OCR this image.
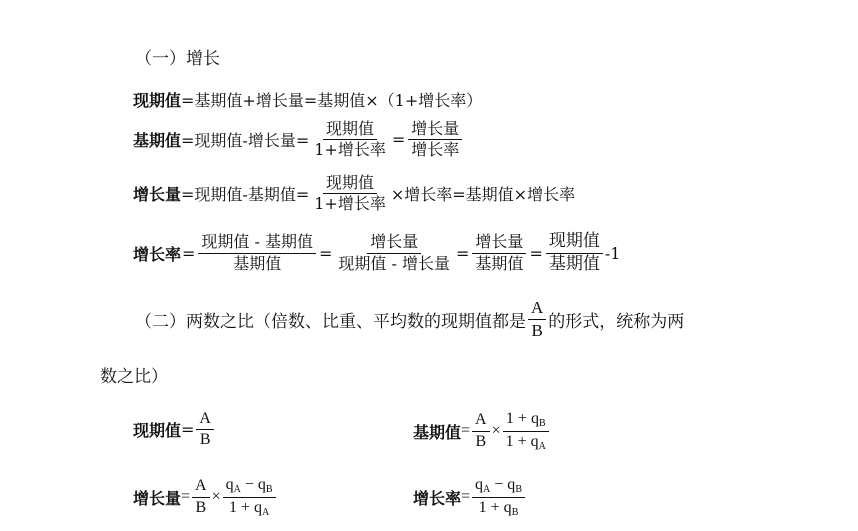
（一）增长
现期值 =基期值+增长量=基期值×（1+增长率）
基期值 =现期值-增长量= $\frac{\text{现期值}}{\text{1+增长率}} = \frac{\text{增长量}}{\text{增长率}}$
增长量 =现期值-基期值= $\frac{\text{现期值}}{\text{1+增长率}}$ ×增长率=基期值×增长率
增长率 = $\frac{\text{现期值 - 基期值}}{\text{基期值}} = \frac{\text{增长量}}{\text{现期值 - 增长量}} = \frac{\text{增长量}}{\text{基期值}} = \frac{\text{现期值}}{\text{基期值}} -1$
（二）两数之比（倍数、比重、平均数的现期值都是 $\frac{A}{B}$ 的形式，统称为两
数之比）
现期值 = $\frac{A}{B}$	基期值 = $\frac{A}{B} \times \frac{1 + q_B}{1 + q_A}$
增长量 = $\frac{A}{B} \times \frac{q_A - q_B}{1 + q_A}$	增长率 = $\frac{q_A - q_B}{1 + q_B}$
